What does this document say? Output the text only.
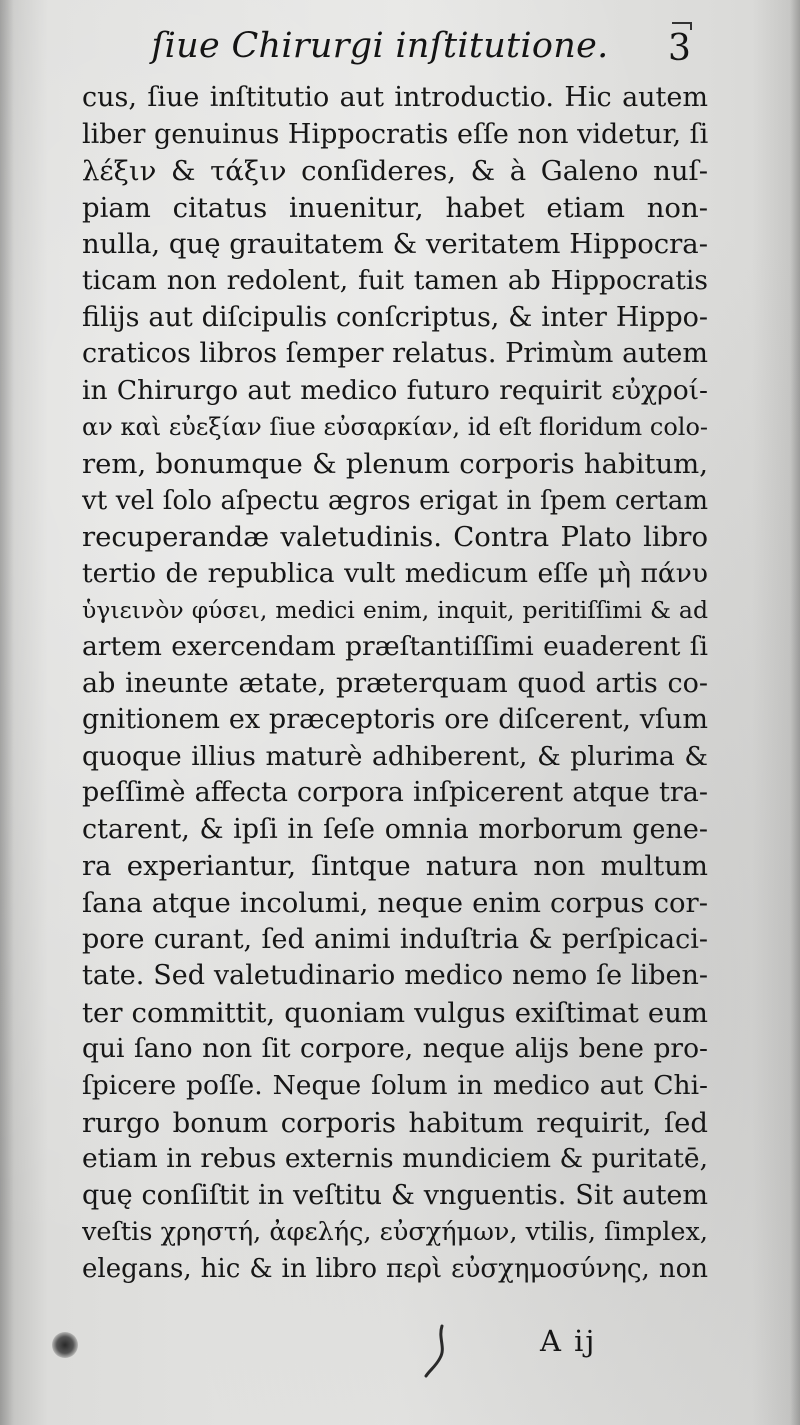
ſiue Chirurgi inſtitutione. 3
cus, ſiue inſtitutio aut introductio. Hic autem
liber genuinus Hippocratis eſſe non videtur, ſi
λέξιν & τάξιν conſideres, & à Galeno nuſ-
piam citatus inuenitur, habet etiam non-
nulla, quę grauitatem & veritatem Hippocra-
ticam non redolent, fuit tamen ab Hippocratis
filijs aut diſcipulis conſcriptus, & inter Hippo-
craticos libros ſemper relatus. Primùm autem
in Chirurgo aut medico futuro requirit εὐχροί-
αν καὶ εὐεξίαν ſiue εὐσαρκίαν, id eſt floridum colo-
rem, bonumque & plenum corporis habitum,
vt vel ſolo aſpectu ægros erigat in ſpem certam
recuperandæ valetudinis. Contra Plato libro
tertio de republica vult medicum eſſe μὴ πάνυ
ὑγιεινὸν φύσει, medici enim, inquit, peritiſſimi & ad
artem exercendam præſtantiſſimi euaderent ſi
ab ineunte ætate, præterquam quod artis co-
gnitionem ex præceptoris ore diſcerent, vſum
quoque illius maturè adhiberent, & plurima &
peſſimè affecta corpora inſpicerent atque tra-
ctarent, & ipſi in ſeſe omnia morborum gene-
ra experiantur, ſintque natura non multum
ſana atque incolumi, neque enim corpus cor-
pore curant, ſed animi induſtria & perſpicaci-
tate. Sed valetudinario medico nemo ſe liben-
ter committit, quoniam vulgus exiſtimat eum
qui ſano non ſit corpore, neque alijs bene pro-
ſpicere poſſe. Neque ſolum in medico aut Chi-
rurgo bonum corporis habitum requirit, ſed
etiam in rebus externis mundiciem & puritatē,
quę conſiſtit in veſtitu & vnguentis. Sit autem
veſtis χρηστή, ἀφελής, εὐσχήμων, vtilis, ſimplex,
elegans, hic & in libro περὶ εὐσχημοσύνης, non
A ij
